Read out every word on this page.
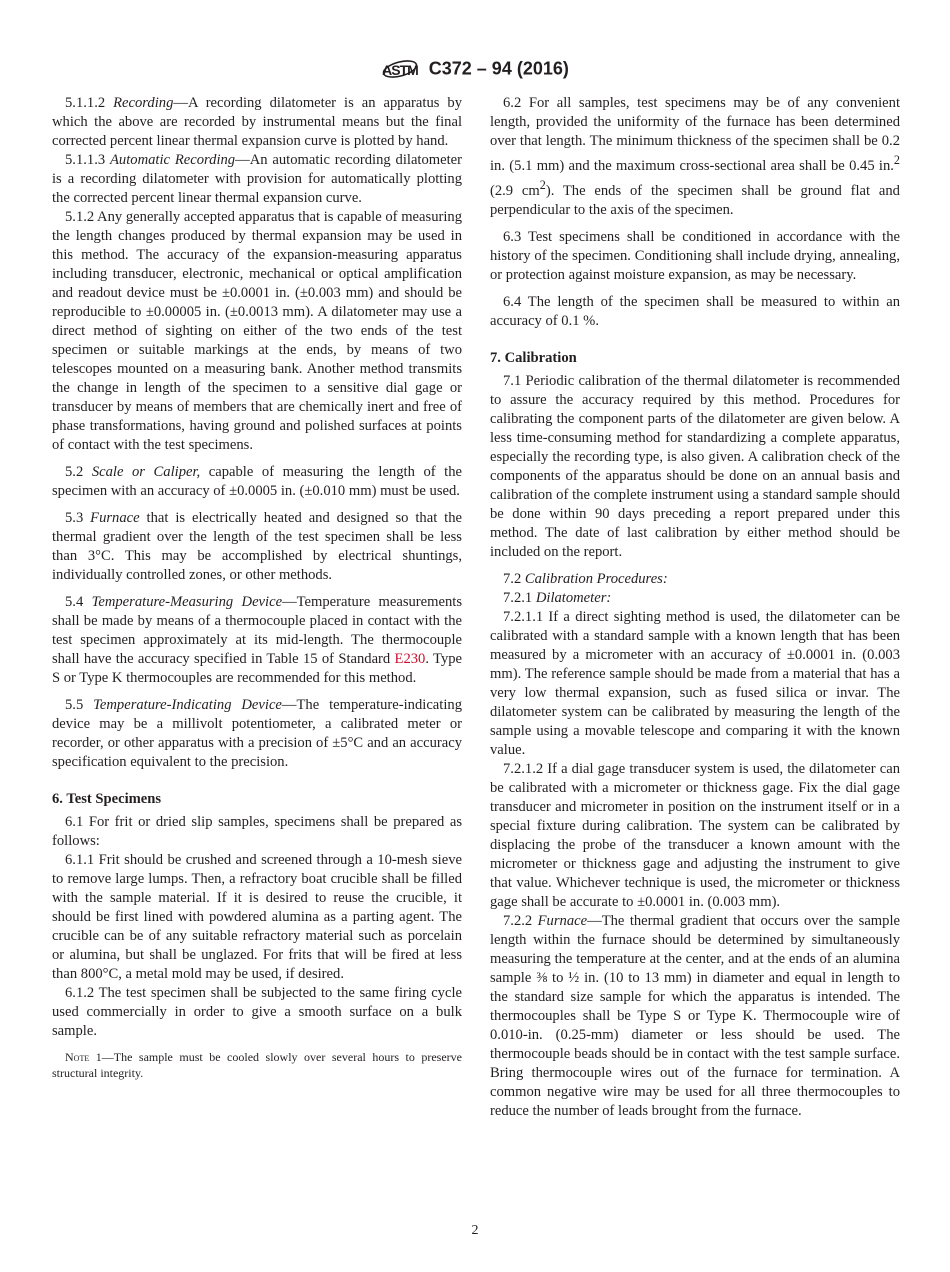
ASTM C372 – 94 (2016)
5.1.1.2 Recording—A recording dilatometer is an apparatus by which the above are recorded by instrumental means but the final corrected percent linear thermal expansion curve is plotted by hand.
5.1.1.3 Automatic Recording—An automatic recording dilatometer is a recording dilatometer with provision for automatically plotting the corrected percent linear thermal expansion curve.
5.1.2 Any generally accepted apparatus that is capable of measuring the length changes produced by thermal expansion may be used in this method. The accuracy of the expansion-measuring apparatus including transducer, electronic, mechanical or optical amplification and readout device must be ±0.0001 in. (±0.003 mm) and should be reproducible to ±0.00005 in. (±0.0013 mm). A dilatometer may use a direct method of sighting on either of the two ends of the test specimen or suitable markings at the ends, by means of two telescopes mounted on a measuring bank. Another method transmits the change in length of the specimen to a sensitive dial gage or transducer by means of members that are chemically inert and free of phase transformations, having ground and polished surfaces at points of contact with the test specimens.
5.2 Scale or Caliper, capable of measuring the length of the specimen with an accuracy of ±0.0005 in. (±0.010 mm) must be used.
5.3 Furnace that is electrically heated and designed so that the thermal gradient over the length of the test specimen shall be less than 3°C. This may be accomplished by electrical shuntings, individually controlled zones, or other methods.
5.4 Temperature-Measuring Device—Temperature measurements shall be made by means of a thermocouple placed in contact with the test specimen approximately at its mid-length. The thermocouple shall have the accuracy specified in Table 15 of Standard E230. Type S or Type K thermocouples are recommended for this method.
5.5 Temperature-Indicating Device—The temperature-indicating device may be a millivolt potentiometer, a calibrated meter or recorder, or other apparatus with a precision of ±5°C and an accuracy specification equivalent to the precision.
6. Test Specimens
6.1 For frit or dried slip samples, specimens shall be prepared as follows:
6.1.1 Frit should be crushed and screened through a 10-mesh sieve to remove large lumps. Then, a refractory boat crucible shall be filled with the sample material. If it is desired to reuse the crucible, it should be first lined with powdered alumina as a parting agent. The crucible can be of any suitable refractory material such as porcelain or alumina, but shall be unglazed. For frits that will be fired at less than 800°C, a metal mold may be used, if desired.
6.1.2 The test specimen shall be subjected to the same firing cycle used commercially in order to give a smooth surface on a bulk sample.
Note 1—The sample must be cooled slowly over several hours to preserve structural integrity.
6.2 For all samples, test specimens may be of any convenient length, provided the uniformity of the furnace has been determined over that length. The minimum thickness of the specimen shall be 0.2 in. (5.1 mm) and the maximum cross-sectional area shall be 0.45 in.$^2$ (2.9 $cm^2$). The ends of the specimen shall be ground flat and perpendicular to the axis of the specimen.
6.3 Test specimens shall be conditioned in accordance with the history of the specimen. Conditioning shall include drying, annealing, or protection against moisture expansion, as may be necessary.
6.4 The length of the specimen shall be measured to within an accuracy of 0.1 %.
7. Calibration
7.1 Periodic calibration of the thermal dilatometer is recommended to assure the accuracy required by this method. Procedures for calibrating the component parts of the dilatometer are given below. A less time-consuming method for standardizing a complete apparatus, especially the recording type, is also given. A calibration check of the components of the apparatus should be done on an annual basis and calibration of the complete instrument using a standard sample should be done within 90 days preceding a report prepared under this method. The date of last calibration by either method should be included on the report.
7.2 Calibration Procedures:
7.2.1 Dilatometer:
7.2.1.1 If a direct sighting method is used, the dilatometer can be calibrated with a standard sample with a known length that has been measured by a micrometer with an accuracy of ±0.0001 in. (0.003 mm). The reference sample should be made from a material that has a very low thermal expansion, such as fused silica or invar. The dilatometer system can be calibrated by measuring the length of the sample using a movable telescope and comparing it with the known value.
7.2.1.2 If a dial gage transducer system is used, the dilatometer can be calibrated with a micrometer or thickness gage. Fix the dial gage transducer and micrometer in position on the instrument itself or in a special fixture during calibration. The system can be calibrated by displacing the probe of the transducer a known amount with the micrometer or thickness gage and adjusting the instrument to give that value. Whichever technique is used, the micrometer or thickness gage shall be accurate to ±0.0001 in. (0.003 mm).
7.2.2 Furnace—The thermal gradient that occurs over the sample length within the furnace should be determined by simultaneously measuring the temperature at the center, and at the ends of an alumina sample ⅜ to ½ in. (10 to 13 mm) in diameter and equal in length to the standard size sample for which the apparatus is intended. The thermocouples shall be Type S or Type K. Thermocouple wire of 0.010-in. (0.25-mm) diameter or less should be used. The thermocouple beads should be in contact with the test sample surface. Bring thermocouple wires out of the furnace for termination. A common negative wire may be used for all three thermocouples to reduce the number of leads brought from the furnace.
2
